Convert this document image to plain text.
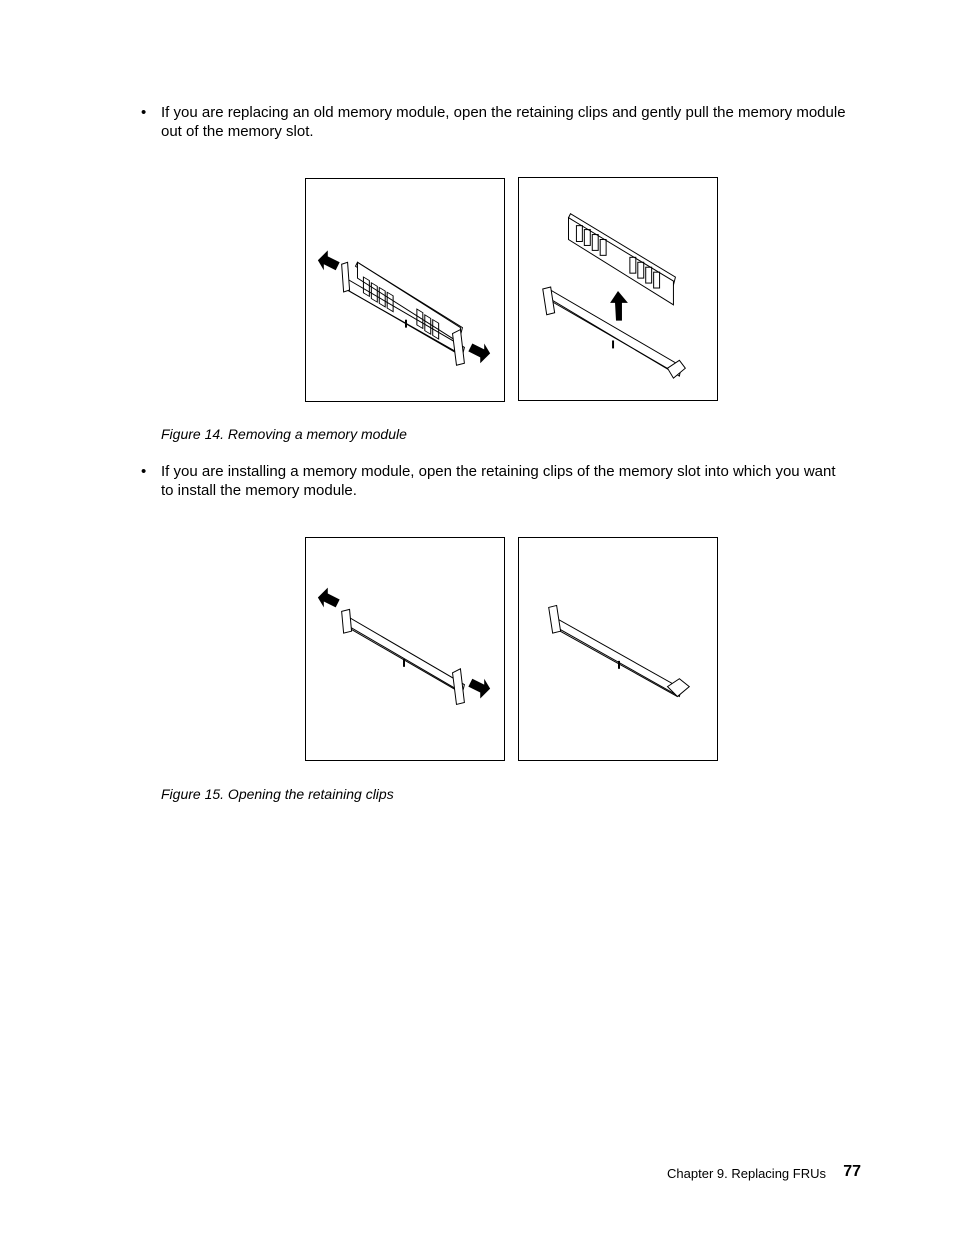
• If you are replacing an old memory module, open the retaining clips and gently pull the memory module out of the memory slot.

Figure 14. Removing a memory module

• If you are installing a memory module, open the retaining clips of the memory slot into which you want to install the memory module.

Figure 15. Opening the retaining clips

Chapter 9. Replacing FRUs 77
